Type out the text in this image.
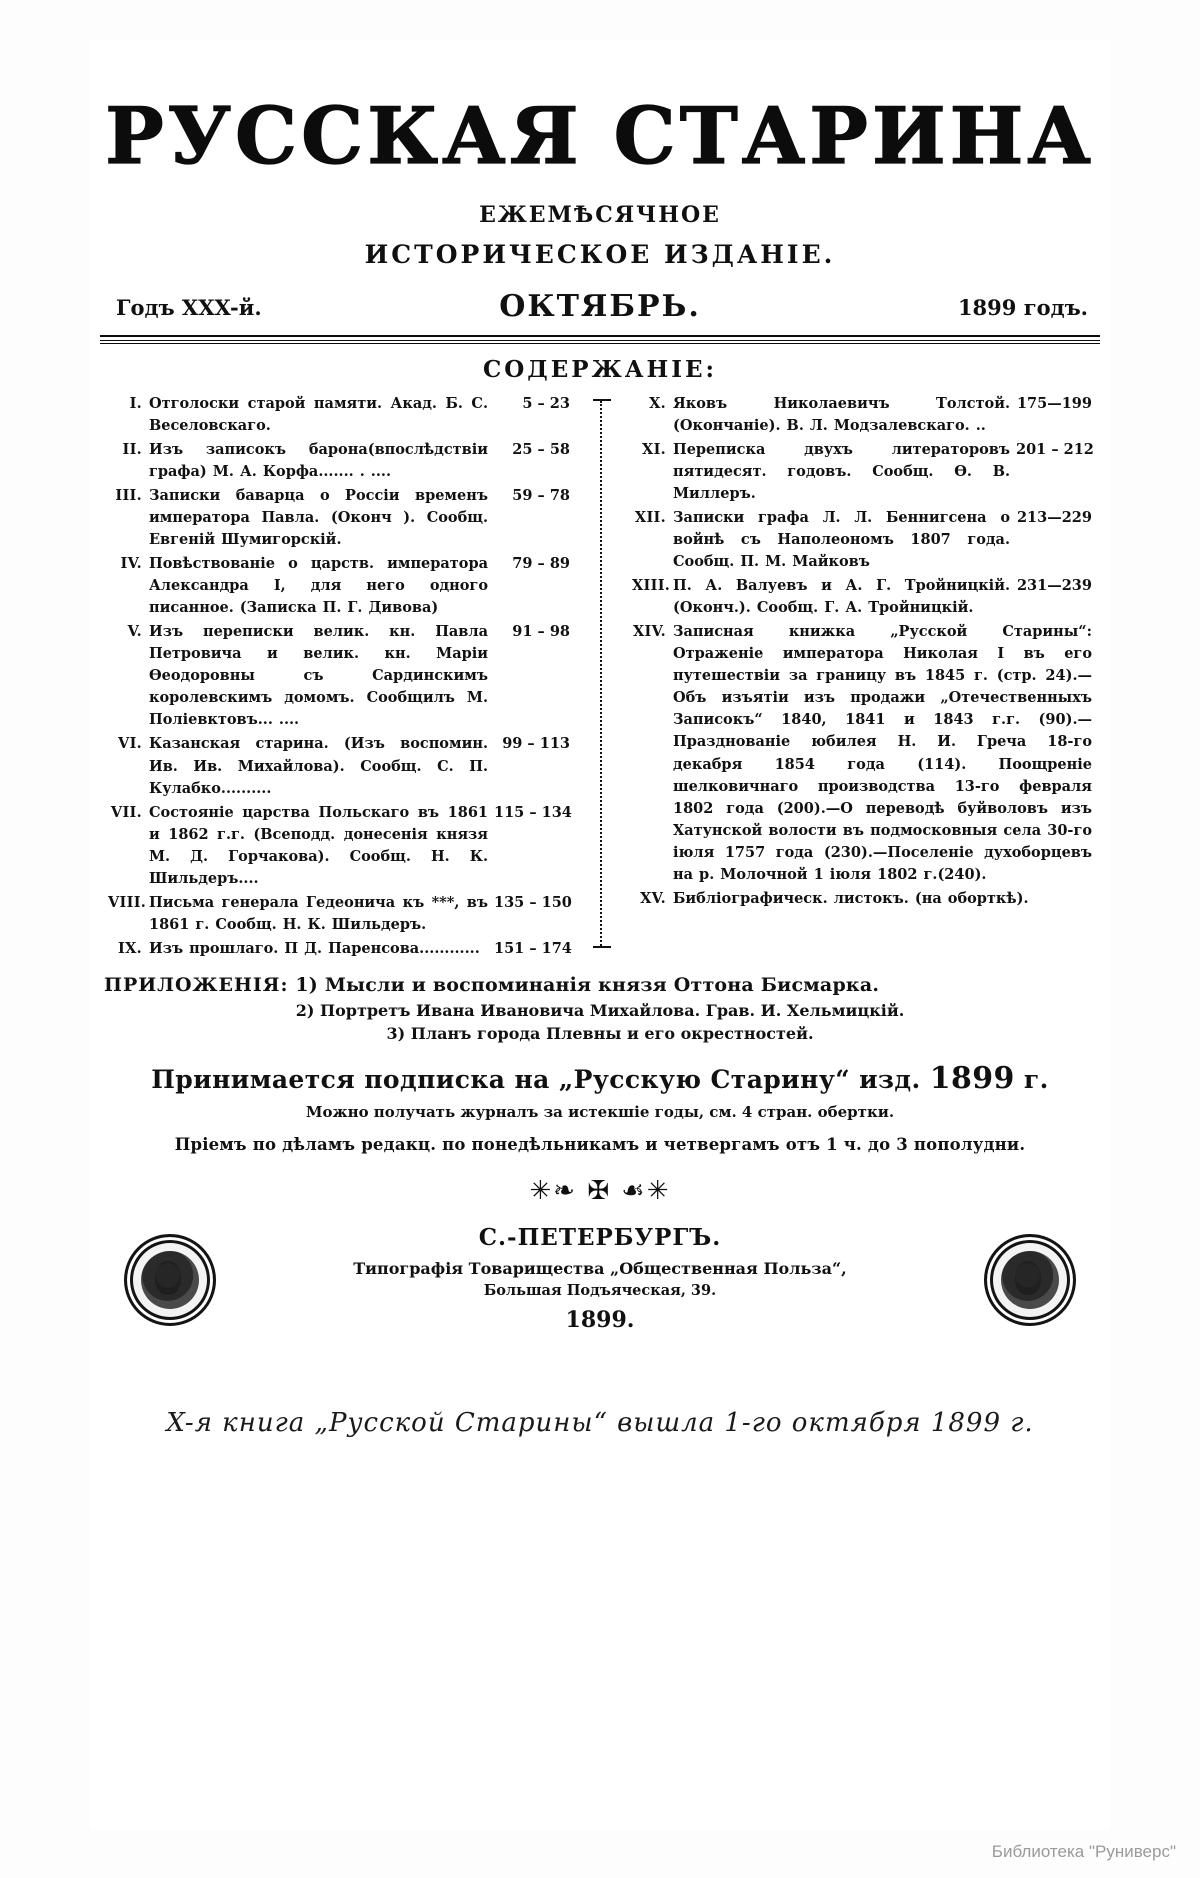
РУССКАЯ СТАРИНА
ЕЖЕМѢСЯЧНОЕ
ИСТОРИЧЕСКОЕ ИЗДАНІЕ.
Годъ XXX-й.	ОКТЯБРЬ.	1899 годъ.
СОДЕРЖАНІЕ:
I. Отголоски старой памяти. Акад. Б. С. Веселовскаго.
5 – 23
II. Изъ записокъ барона(впослѣдствіи графа) М. А. Корфа....... . ....
25 – 58
III. Записки баварца о Россіи временъ императора Павла. (Оконч ). Сообщ. Евгеній Шумигорскій.
59 – 78
IV. Повѣствованіе о царств. императора Александра I, для него одного писанное. (Записка П. Г. Дивова)
79 – 89
V. Изъ переписки велик. кн. Павла Петровича и велик. кн. Маріи Ѳеодоровны съ Сардинскимъ королевскимъ домомъ. Сообщилъ М. Поліевктовъ... ....
91 – 98
VI. Казанская старина. (Изъ воспомин. Ив. Ив. Михайлова). Сообщ. С. П. Кулабко..........
99 – 113
VII. Состояніе царства Польскаго въ 1861 и 1862 г.г. (Всеподд. донесенія князя М. Д. Горчакова). Сообщ. Н. К. Шильдеръ....
115 – 134
VIII. Письма генерала Гедеонича къ ***, въ 1861 г. Сообщ. Н. К. Шильдеръ.
135 – 150
IX. Изъ прошлаго. П Д. Паренсова............ 151 – 174
X. Яковъ Николаевичъ Толстой. (Окончаніе). В. Л. Модзалевскаго. ..
175—199
XI. Переписка двухъ литераторовъ пятидесят. годовъ. Сообщ. Ѳ. В. Миллеръ.
201 – 212
XII. Записки графа Л. Л. Беннигсена о войнѣ съ Наполеономъ 1807 года. Сообщ. П. М. Майковъ
213—229
XIII. П. А. Валуевъ и А. Г. Тройницкій. (Оконч.). Сообщ. Г. А. Тройницкій.
231—239
XIV. Записная книжка „Русской Старины“: Отраженіе императора Николая I въ его путешествіи за границу въ 1845 г. (стр. 24).—Объ изъятіи изъ продажи „Отечественныхъ Записокъ“ 1840, 1841 и 1843 г.г. (90).—Празднованіе юбилея Н. И. Греча 18-го декабря 1854 года (114). Поощреніе шелковичнаго производства 13-го февраля 1802 года (200).—О переводѣ буйволовъ изъ Хатунской волости въ подмосковныя села 30-го іюля 1757 года (230).—Поселеніе духоборцевъ на р. Молочной 1 іюля 1802 г.(240).
XV. Библіографическ. листокъ. (на оборткѣ).
ПРИЛОЖЕНІЯ: 1) Мысли и воспоминанія князя Оттона Бисмарка.
2) Портретъ Ивана Ивановича Михайлова. Грав. И. Хельмицкій.
3) Планъ города Плевны и его окрестностей.
Принимается подписка на „Русскую Старину“ изд. 1899 г.
Можно получать журналъ за истекшіе годы, см. 4 стран. обертки.
Пріемъ по дѣламъ редакц. по понедѣльникамъ и четвергамъ отъ 1 ч. до 3 пополудни.
✳❧ ✠ ☙✳
С.-ПЕТЕРБУРГЪ.
Типографія Товарищества „Общественная Польза“,
Большая Подъяческая, 39.
1899.
X-я книга „Русской Старины“ вышла 1-го октября 1899 г.
Библиотека "Руниверс"
